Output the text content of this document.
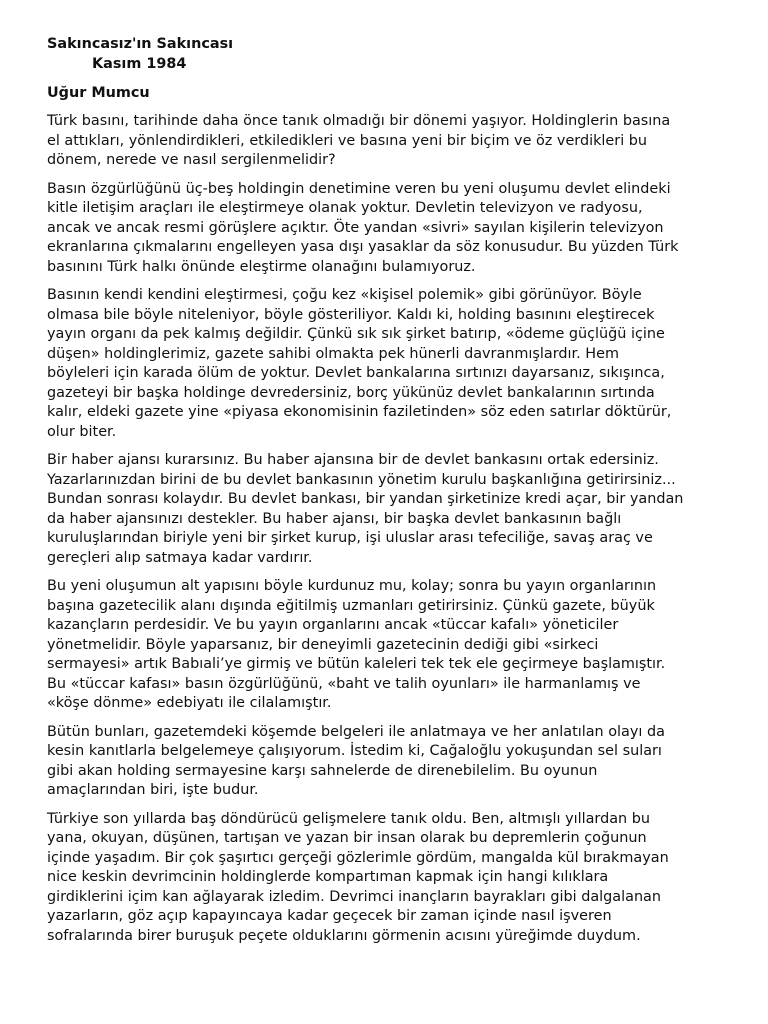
Sakıncasız'ın Sakıncası

Kasım 1984

Uğur Mumcu

Türk basını, tarihinde daha önce tanık olmadığı bir dönemi yaşıyor. Holdinglerin basına
el attıkları, yönlendirdikleri, etkiledikleri ve basına yeni bir biçim ve öz verdikleri bu
dönem, nerede ve nasıl sergilenmelidir?

Basın özgürlüğünü üç-beş holdingin denetimine veren bu yeni oluşumu devlet elindeki
kitle iletişim araçları ile eleştirmeye olanak yoktur. Devletin televizyon ve radyosu,
ancak ve ancak resmi görüşlere açıktır. Öte yandan «sivri» sayılan kişilerin televizyon
ekranlarına çıkmalarını engelleyen yasa dışı yasaklar da söz konusudur. Bu yüzden Türk
basınını Türk halkı önünde eleştirme olanağını bulamıyoruz.

Basının kendi kendini eleştirmesi, çoğu kez «kişisel polemik» gibi görünüyor. Böyle
olmasa bile böyle niteleniyor, böyle gösteriliyor. Kaldı ki, holding basınını eleştirecek
yayın organı da pek kalmış değildir. Çünkü sık sık şirket batırıp, «ödeme güçlüğü içine
düşen» holdinglerimiz, gazete sahibi olmakta pek hünerli davranmışlardır. Hem
böyleleri için karada ölüm de yoktur. Devlet bankalarına sırtınızı dayarsanız, sıkışınca,
gazeteyi bir başka holdinge devredersiniz, borç yükünüz devlet bankalarının sırtında
kalır, eldeki gazete yine «piyasa ekonomisinin faziletinden» söz eden satırlar döktürür,
olur biter.

Bir haber ajansı kurarsınız. Bu haber ajansına bir de devlet bankasını ortak edersiniz.
Yazarlarınızdan birini de bu devlet bankasının yönetim kurulu başkanlığına getirirsiniz...
Bundan sonrası kolaydır. Bu devlet bankası, bir yandan şirketinize kredi açar, bir yandan
da haber ajansınızı destekler. Bu haber ajansı, bir başka devlet bankasının bağlı
kuruluşlarından biriyle yeni bir şirket kurup, işi uluslar arası tefeciliğe, savaş araç ve
gereçleri alıp satmaya kadar vardırır.

Bu yeni oluşumun alt yapısını böyle kurdunuz mu, kolay; sonra bu yayın organlarının
başına gazetecilik alanı dışında eğitilmiş uzmanları getirirsiniz. Çünkü gazete, büyük
kazançların perdesidir. Ve bu yayın organlarını ancak «tüccar kafalı» yöneticiler
yönetmelidir. Böyle yaparsanız, bir deneyimli gazetecinin dediği gibi «sirkeci
sermayesi» artık Babıali’ye girmiş ve bütün kaleleri tek tek ele geçirmeye başlamıştır.
Bu «tüccar kafası» basın özgürlüğünü, «baht ve talih oyunları» ile harmanlamış ve
«köşe dönme» edebiyatı ile cilalamıştır.

Bütün bunları, gazetemdeki köşemde belgeleri ile anlatmaya ve her anlatılan olayı da
kesin kanıtlarla belgelemeye çalışıyorum. İstedim ki, Cağaloğlu yokuşundan sel suları
gibi akan holding sermayesine karşı sahnelerde de direnebilelim. Bu oyunun
amaçlarından biri, işte budur.

Türkiye son yıllarda baş döndürücü gelişmelere tanık oldu. Ben, altmışlı yıllardan bu
yana, okuyan, düşünen, tartışan ve yazan bir insan olarak bu depremlerin çoğunun
içinde yaşadım. Bir çok şaşırtıcı gerçeği gözlerimle gördüm, mangalda kül bırakmayan
nice keskin devrimcinin holdinglerde kompartıman kapmak için hangi kılıklara
girdiklerini içim kan ağlayarak izledim. Devrimci inançların bayrakları gibi dalgalanan
yazarların, göz açıp kapayıncaya kadar geçecek bir zaman içinde nasıl işveren
sofralarında birer buruşuk peçete olduklarını görmenin acısını yüreğimde duydum.
